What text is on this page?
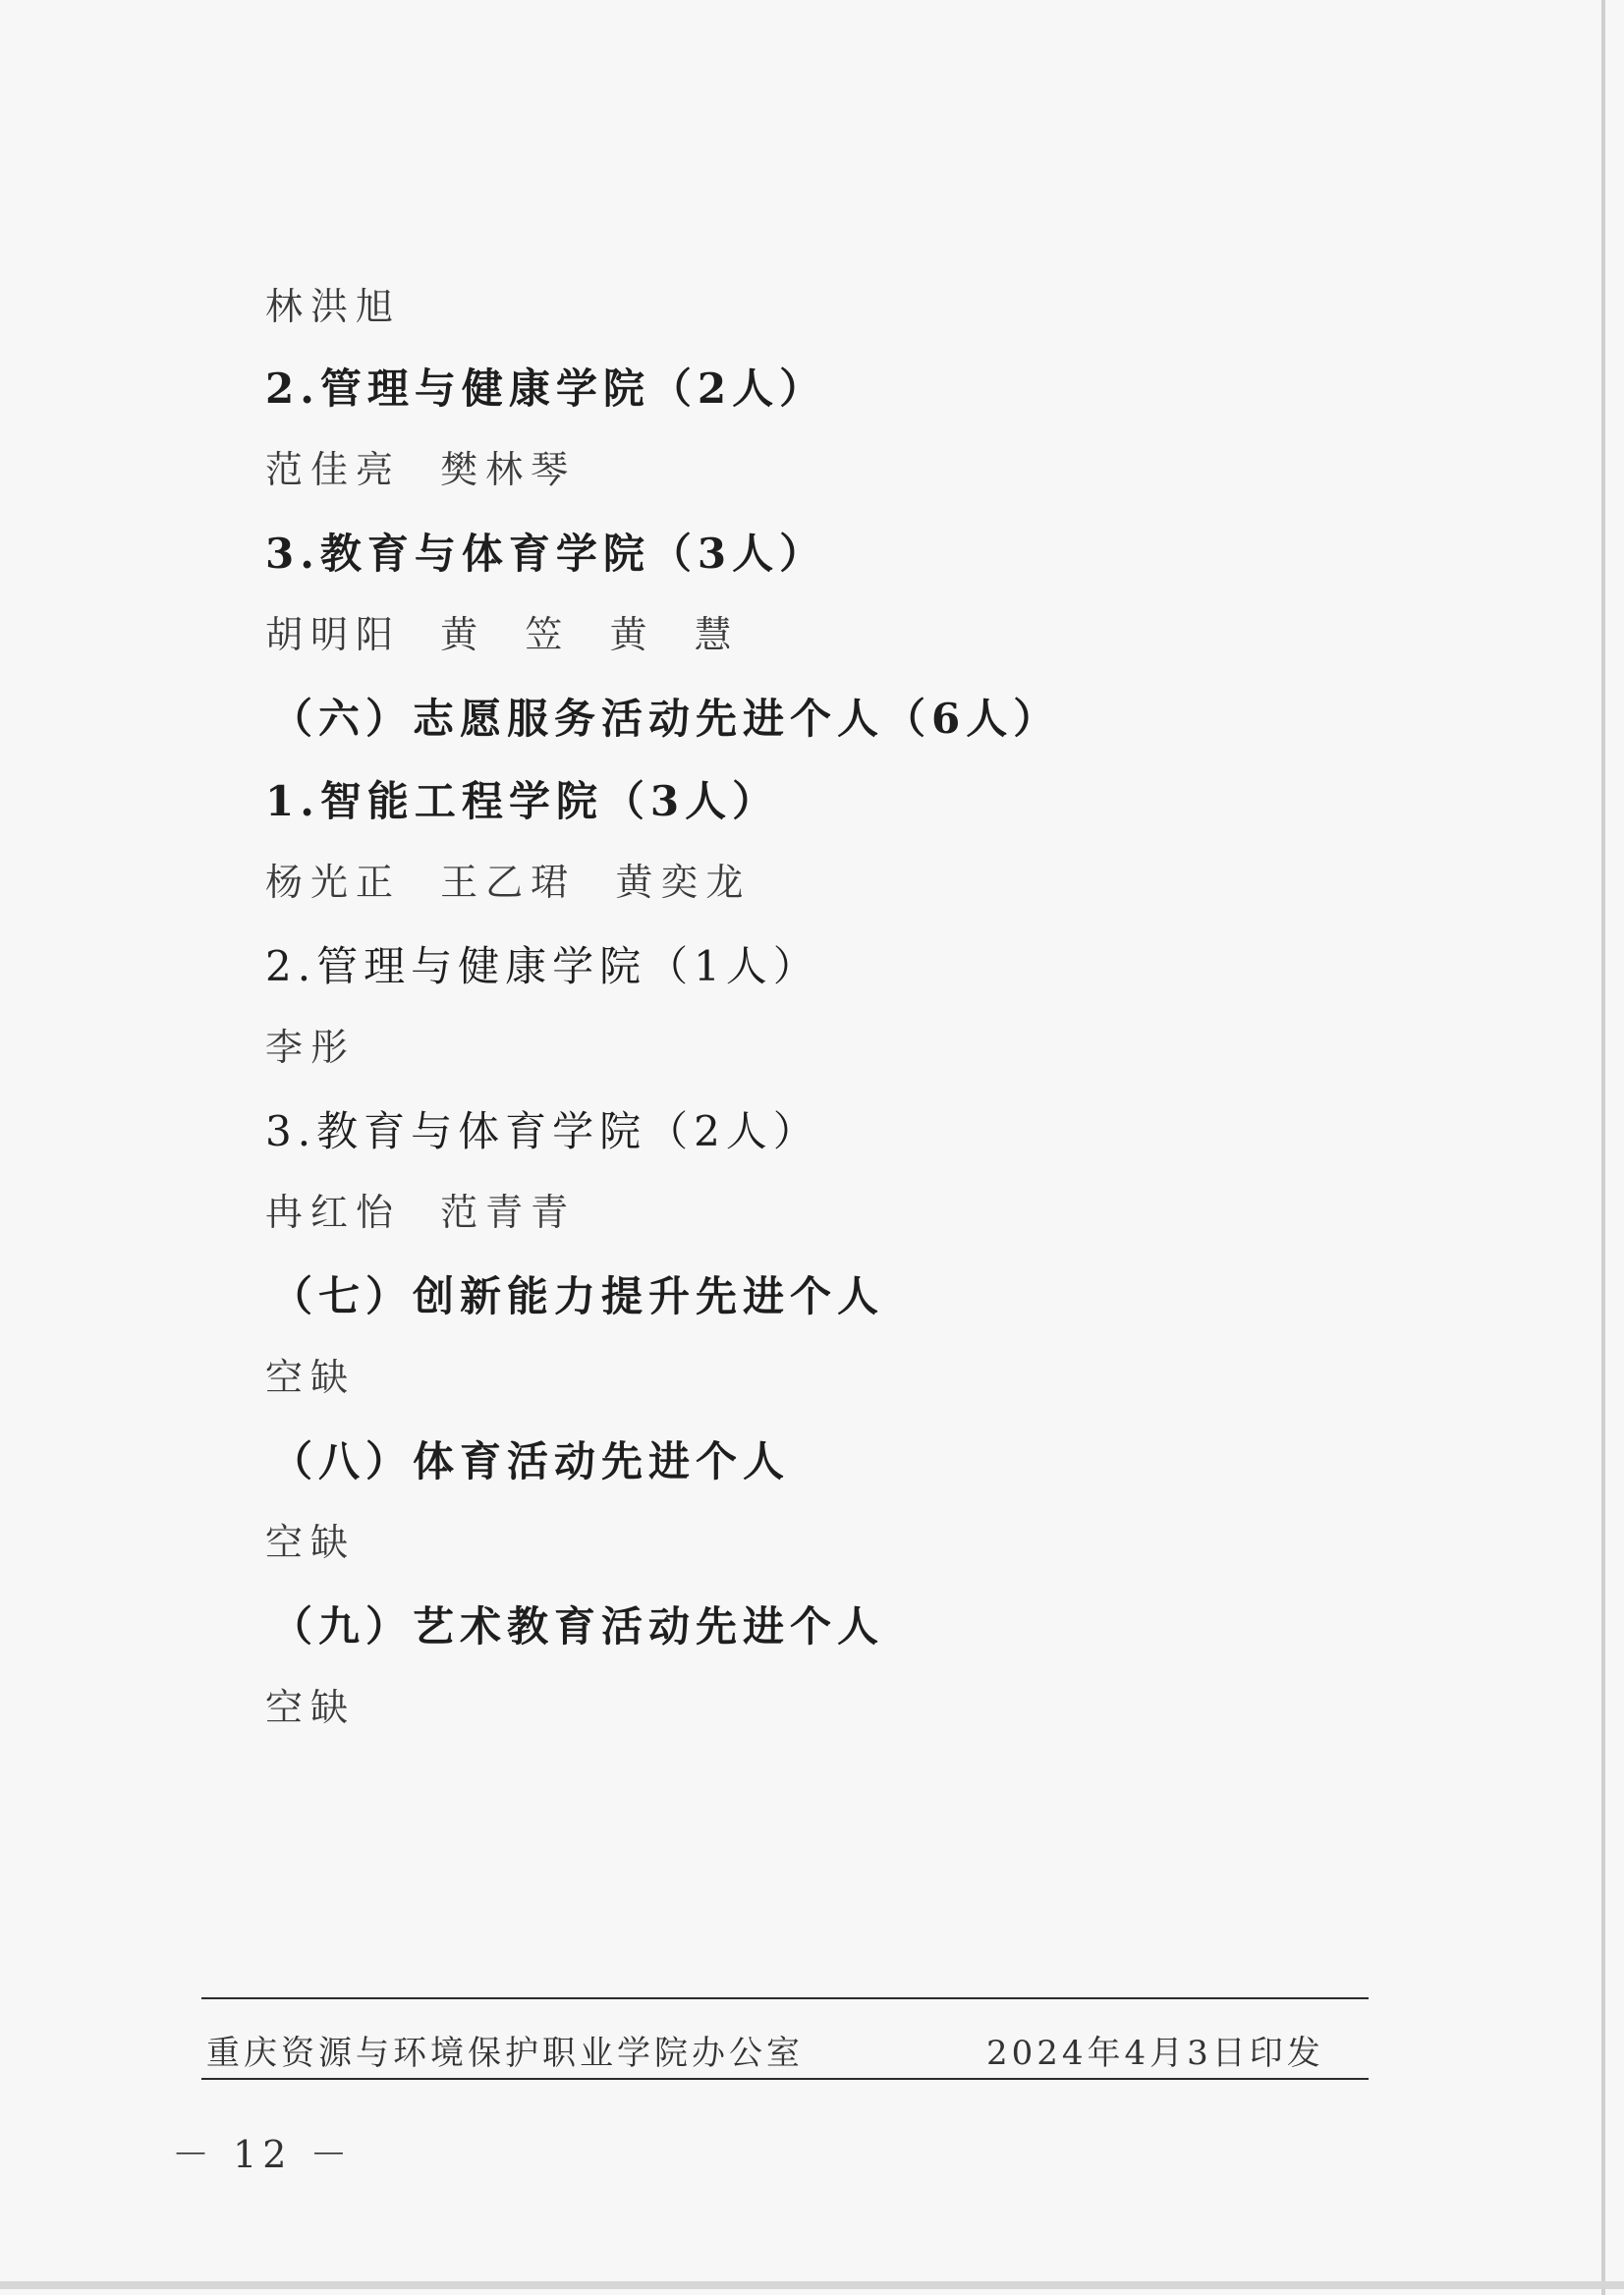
林洪旭
2.管理与健康学院（2人）
范佳亮  樊林琴
3.教育与体育学院（3人）
胡明阳  黄  笠  黄  慧
（六）志愿服务活动先进个人（6人）
1.智能工程学院（3人）
杨光正  王乙珺  黄奕龙
2.管理与健康学院（1人）
李彤
3.教育与体育学院（2人）
冉红怡  范青青
（七）创新能力提升先进个人
空缺
（八）体育活动先进个人
空缺
（九）艺术教育活动先进个人
空缺
重庆资源与环境保护职业学院办公室	2024年4月3日印发
－ 12 －
